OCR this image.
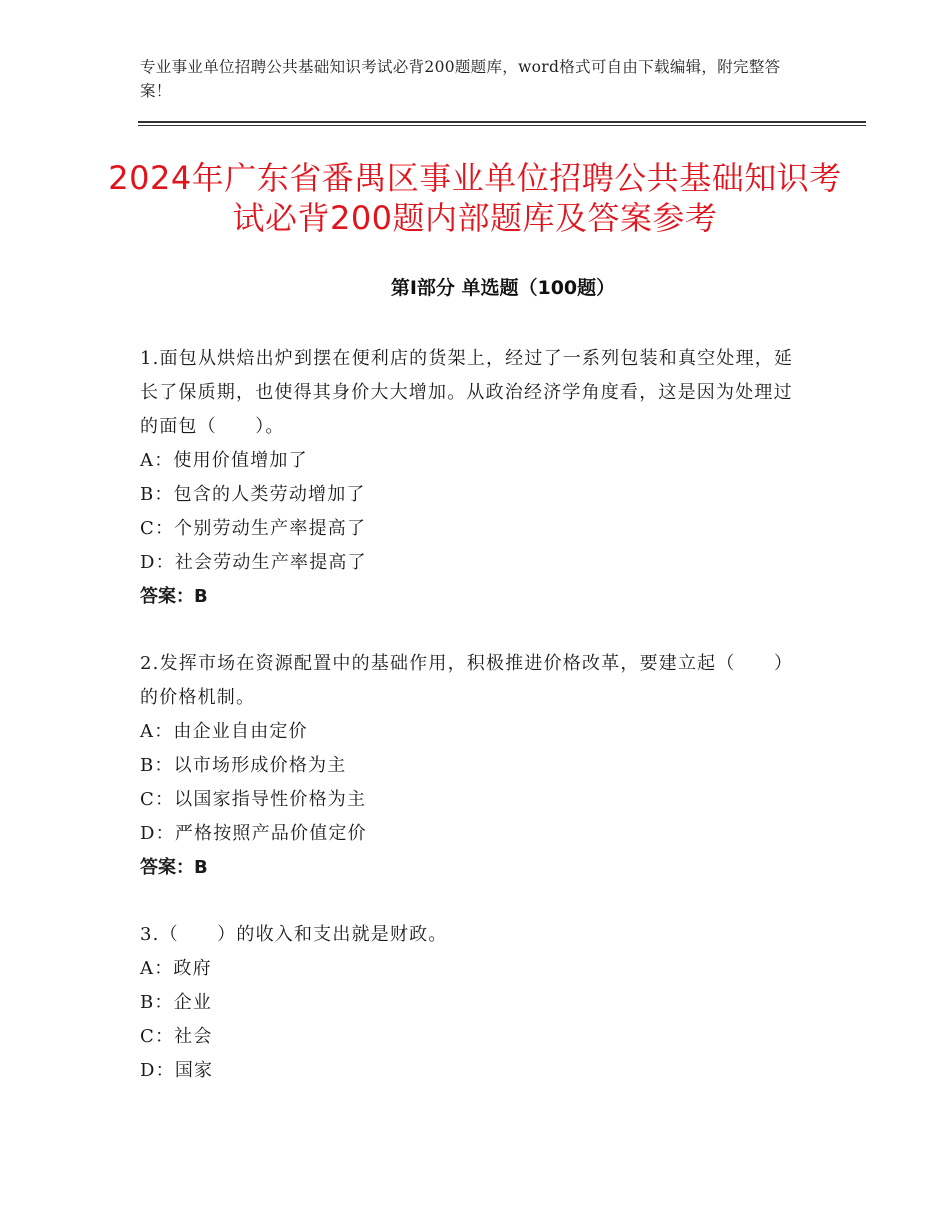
专业事业单位招聘公共基础知识考试必背200题题库，word格式可自由下载编辑，附完整答案！
2024年广东省番禺区事业单位招聘公共基础知识考试必背200题内部题库及答案参考
第Ⅰ部分 单选题（100题）
1.面包从烘焙出炉到摆在便利店的货架上，经过了一系列包装和真空处理，延长了保质期，也使得其身价大大增加。从政治经济学角度看，这是因为处理过的面包（　　）。
A：使用价值增加了
B：包含的人类劳动增加了
C：个别劳动生产率提高了
D：社会劳动生产率提高了
答案：B
2.发挥市场在资源配置中的基础作用，积极推进价格改革，要建立起（　　）的价格机制。
A：由企业自由定价
B：以市场形成价格为主
C：以国家指导性价格为主
D：严格按照产品价值定价
答案：B
3.（　　）的收入和支出就是财政。
A：政府
B：企业
C：社会
D：国家
